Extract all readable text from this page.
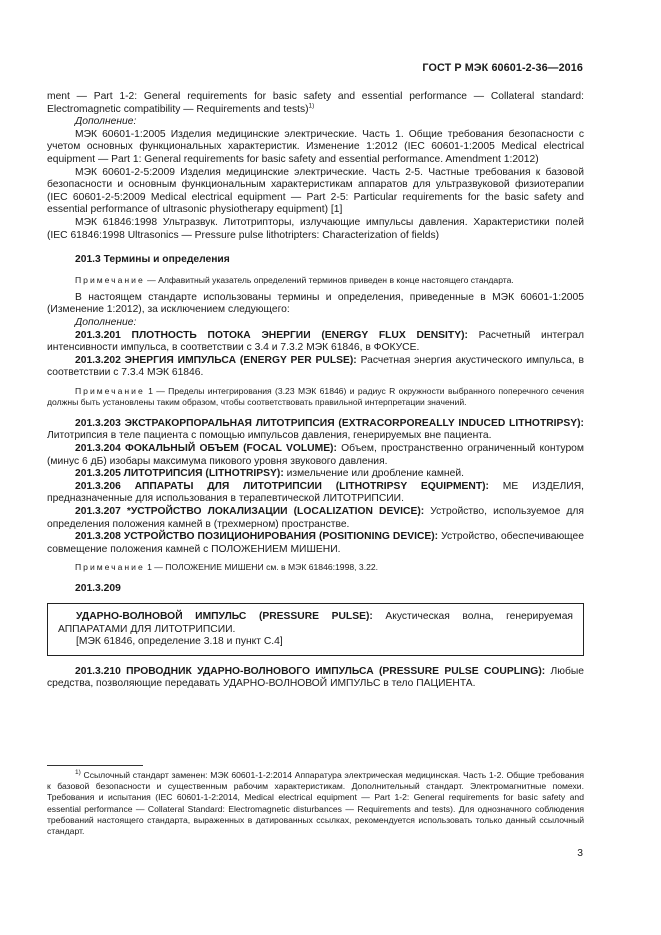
ГОСТ Р МЭК 60601-2-36—2016

ment — Part 1-2: General requirements for basic safety and essential performance — Collateral standard: Electromagnetic compatibility — Requirements and tests)$^{1)}$

Дополнение:

МЭК 60601-1:2005 Изделия медицинские электрические. Часть 1. Общие требования безопасности с учетом основных функциональных характеристик. Изменение 1:2012 (IEC 60601-1:2005 Medical electrical equipment — Part 1: General requirements for basic safety and essential performance. Amendment 1:2012)

МЭК 60601-2-5:2009 Изделия медицинские электрические. Часть 2-5. Частные требования к базовой безопасности и основным функциональным характеристикам аппаратов для ультразвуковой физиотерапии (IEC 60601-2-5:2009 Medical electrical equipment — Part 2-5: Particular requirements for the basic safety and essential performance of ultrasonic physiotherapy equipment) [1]

МЭК 61846:1998 Ультразвук. Литотрипторы, излучающие импульсы давления. Характеристики полей (IEC 61846:1998 Ultrasonics — Pressure pulse lithotripters: Characterization of fields)

201.3 Термины и определения

Примечание — Алфавитный указатель определений терминов приведен в конце настоящего стандарта.

В настоящем стандарте использованы термины и определения, приведенные в МЭК 60601-1:2005 (Изменение 1:2012), за исключением следующего:

Дополнение:

201.3.201 ПЛОТНОСТЬ ПОТОКА ЭНЕРГИИ (ENERGY FLUX DENSITY): Расчетный интеграл интенсивности импульса, в соответствии с 3.4 и 7.3.2 МЭК 61846, в ФОКУСЕ.

201.3.202 ЭНЕРГИЯ ИМПУЛЬСА (ENERGY PER PULSE): Расчетная энергия акустического импульса, в соответствии с 7.3.4 МЭК 61846.

Примечание 1 — Пределы интегрирования (3.23 МЭК 61846) и радиус R окружности выбранного поперечного сечения должны быть установлены таким образом, чтобы соответствовать правильной интерпретации значений.

201.3.203 ЭКСТРАКОРПОРАЛЬНАЯ ЛИТОТРИПСИЯ (EXTRACORPOREALLY INDUCED LITHOTRIPSY): Литотрипсия в теле пациента с помощью импульсов давления, генерируемых вне пациента.

201.3.204 ФОКАЛЬНЫЙ ОБЪЕМ (FOCAL VOLUME): Объем, пространственно ограниченный контуром (минус 6 дБ) изобары максимума пикового уровня звукового давления.

201.3.205 ЛИТОТРИПСИЯ (LITHOTRIPSY): измельчение или дробление камней.

201.3.206 АППАРАТЫ ДЛЯ ЛИТОТРИПСИИ (LITHOTRIPSY EQUIPMENT): МЕ ИЗДЕЛИЯ, предназначенные для использования в терапевтической ЛИТОТРИПСИИ.

201.3.207 *УСТРОЙСТВО ЛОКАЛИЗАЦИИ (LOCALIZATION DEVICE): Устройство, используемое для определения положения камней в (трехмерном) пространстве.

201.3.208 УСТРОЙСТВО ПОЗИЦИОНИРОВАНИЯ (POSITIONING DEVICE): Устройство, обеспечивающее совмещение положения камней с ПОЛОЖЕНИЕМ МИШЕНИ.

Примечание 1 — ПОЛОЖЕНИЕ МИШЕНИ см. в МЭК 61846:1998, 3.22.

201.3.209

УДАРНО-ВОЛНОВОЙ ИМПУЛЬС (PRESSURE PULSE): Акустическая волна, генерируемая АППАРАТАМИ ДЛЯ ЛИТОТРИПСИИ.

[МЭК 61846, определение 3.18 и пункт С.4]

201.3.210 ПРОВОДНИК УДАРНО-ВОЛНОВОГО ИМПУЛЬСА (PRESSURE PULSE COUPLING): Любые средства, позволяющие передавать УДАРНО-ВОЛНОВОЙ ИМПУЛЬС в тело ПАЦИЕНТА.

$^{1)}$ Ссылочный стандарт заменен: МЭК 60601-1-2:2014 Аппаратура электрическая медицинская. Часть 1-2. Общие требования к базовой безопасности и существенным рабочим характеристикам. Дополнительный стандарт. Электромагнитные помехи. Требования и испытания (IEC 60601-1-2:2014, Medical electrical equipment — Part 1-2: General requirements for basic safety and essential performance — Collateral Standard: Electromagnetic disturbances — Requirements and tests). Для однозначного соблюдения требований настоящего стандарта, выраженных в датированных ссылках, рекомендуется использовать только данный ссылочный стандарт.

3
